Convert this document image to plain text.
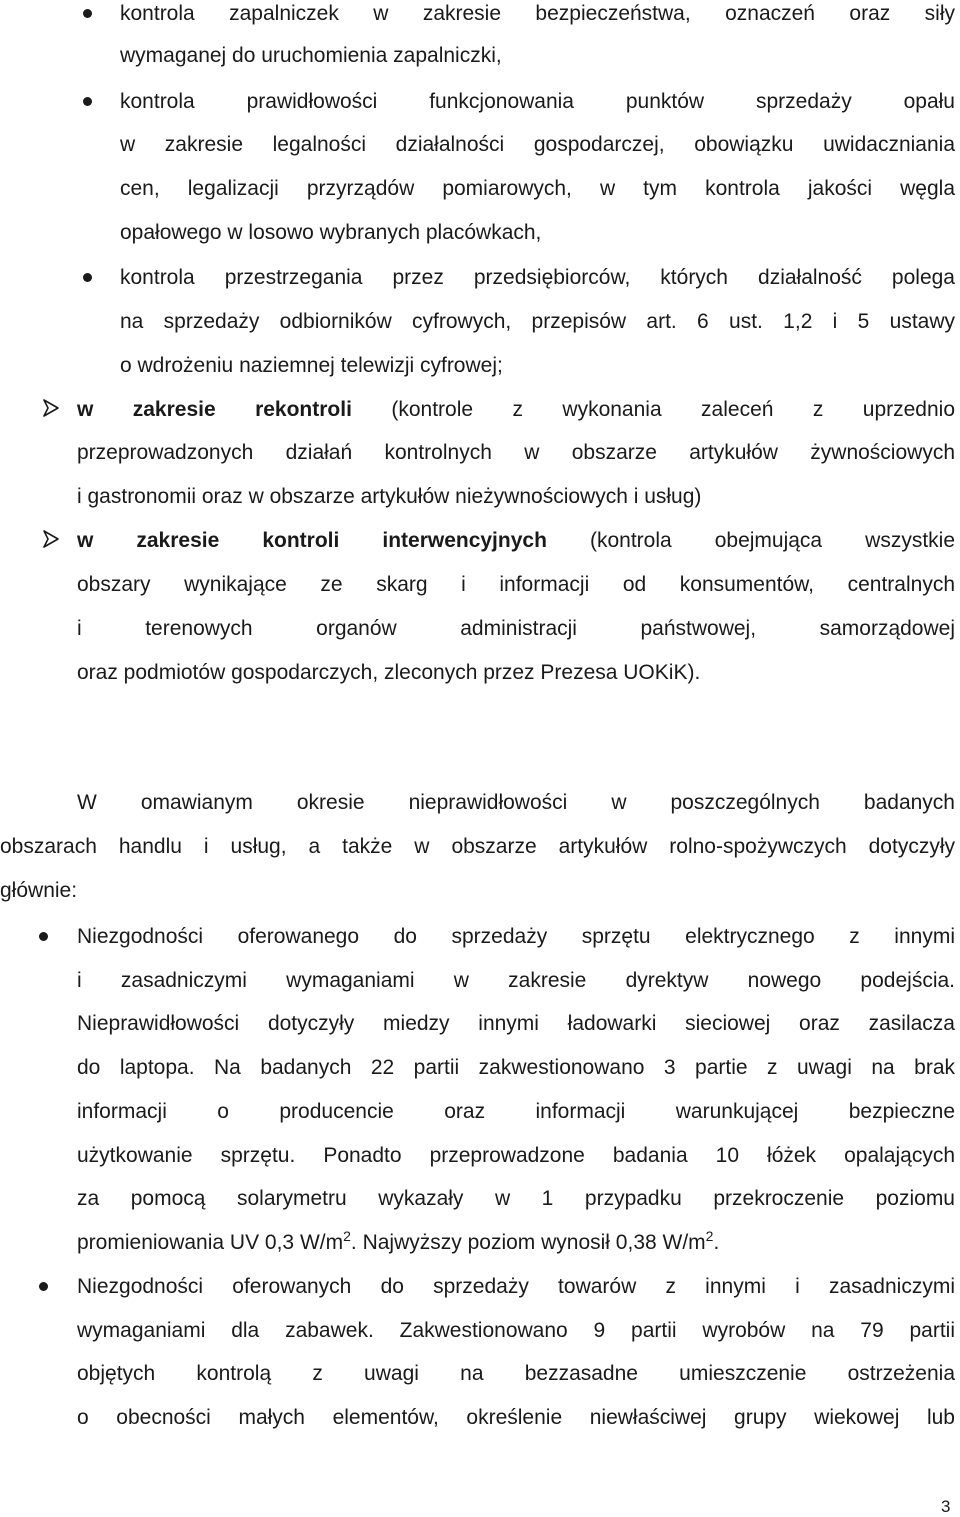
kontrola zapalniczek w zakresie bezpieczeństwa, oznaczeń oraz siły
wymaganej do uruchomienia zapalniczki,
kontrola prawidłowości funkcjonowania punktów sprzedaży opału
w zakresie legalności działalności gospodarczej, obowiązku uwidaczniania
cen, legalizacji przyrządów pomiarowych, w tym kontrola jakości węgla
opałowego w losowo wybranych placówkach,
kontrola przestrzegania przez przedsiębiorców, których działalność polega
na sprzedaży odbiorników cyfrowych, przepisów art. 6 ust. 1,2 i 5 ustawy
o wdrożeniu naziemnej telewizji cyfrowej;
w zakresie rekontroli (kontrole z wykonania zaleceń z uprzednio
przeprowadzonych działań kontrolnych w obszarze artykułów żywnościowych
i gastronomii oraz w obszarze artykułów nieżywnościowych i usług)
w zakresie kontroli interwencyjnych (kontrola obejmująca wszystkie
obszary wynikające ze skarg i informacji od konsumentów, centralnych
i terenowych organów administracji państwowej, samorządowej
oraz podmiotów gospodarczych, zleconych przez Prezesa UOKiK).
W omawianym okresie nieprawidłowości w poszczególnych badanych
obszarach handlu i usług, a także w obszarze artykułów rolno-spożywczych dotyczyły
głównie:
Niezgodności oferowanego do sprzedaży sprzętu elektrycznego z innymi
i zasadniczymi wymaganiami w zakresie dyrektyw nowego podejścia.
Nieprawidłowości dotyczyły miedzy innymi ładowarki sieciowej oraz zasilacza
do laptopa. Na badanych 22 partii zakwestionowano 3 partie z uwagi na brak
informacji o producencie oraz informacji warunkującej bezpieczne
użytkowanie sprzętu. Ponadto przeprowadzone badania 10 łóżek opalających
za pomocą solarymetru wykazały w 1 przypadku przekroczenie poziomu
promieniowania UV 0,3 $W/m^2$. Najwyższy poziom wynosił 0,38 $W/m^2$.
Niezgodności oferowanych do sprzedaży towarów z innymi i zasadniczymi
wymaganiami dla zabawek. Zakwestionowano 9 partii wyrobów na 79 partii
objętych kontrolą z uwagi na bezzasadne umieszczenie ostrzeżenia
o obecności małych elementów, określenie niewłaściwej grupy wiekowej lub
3
